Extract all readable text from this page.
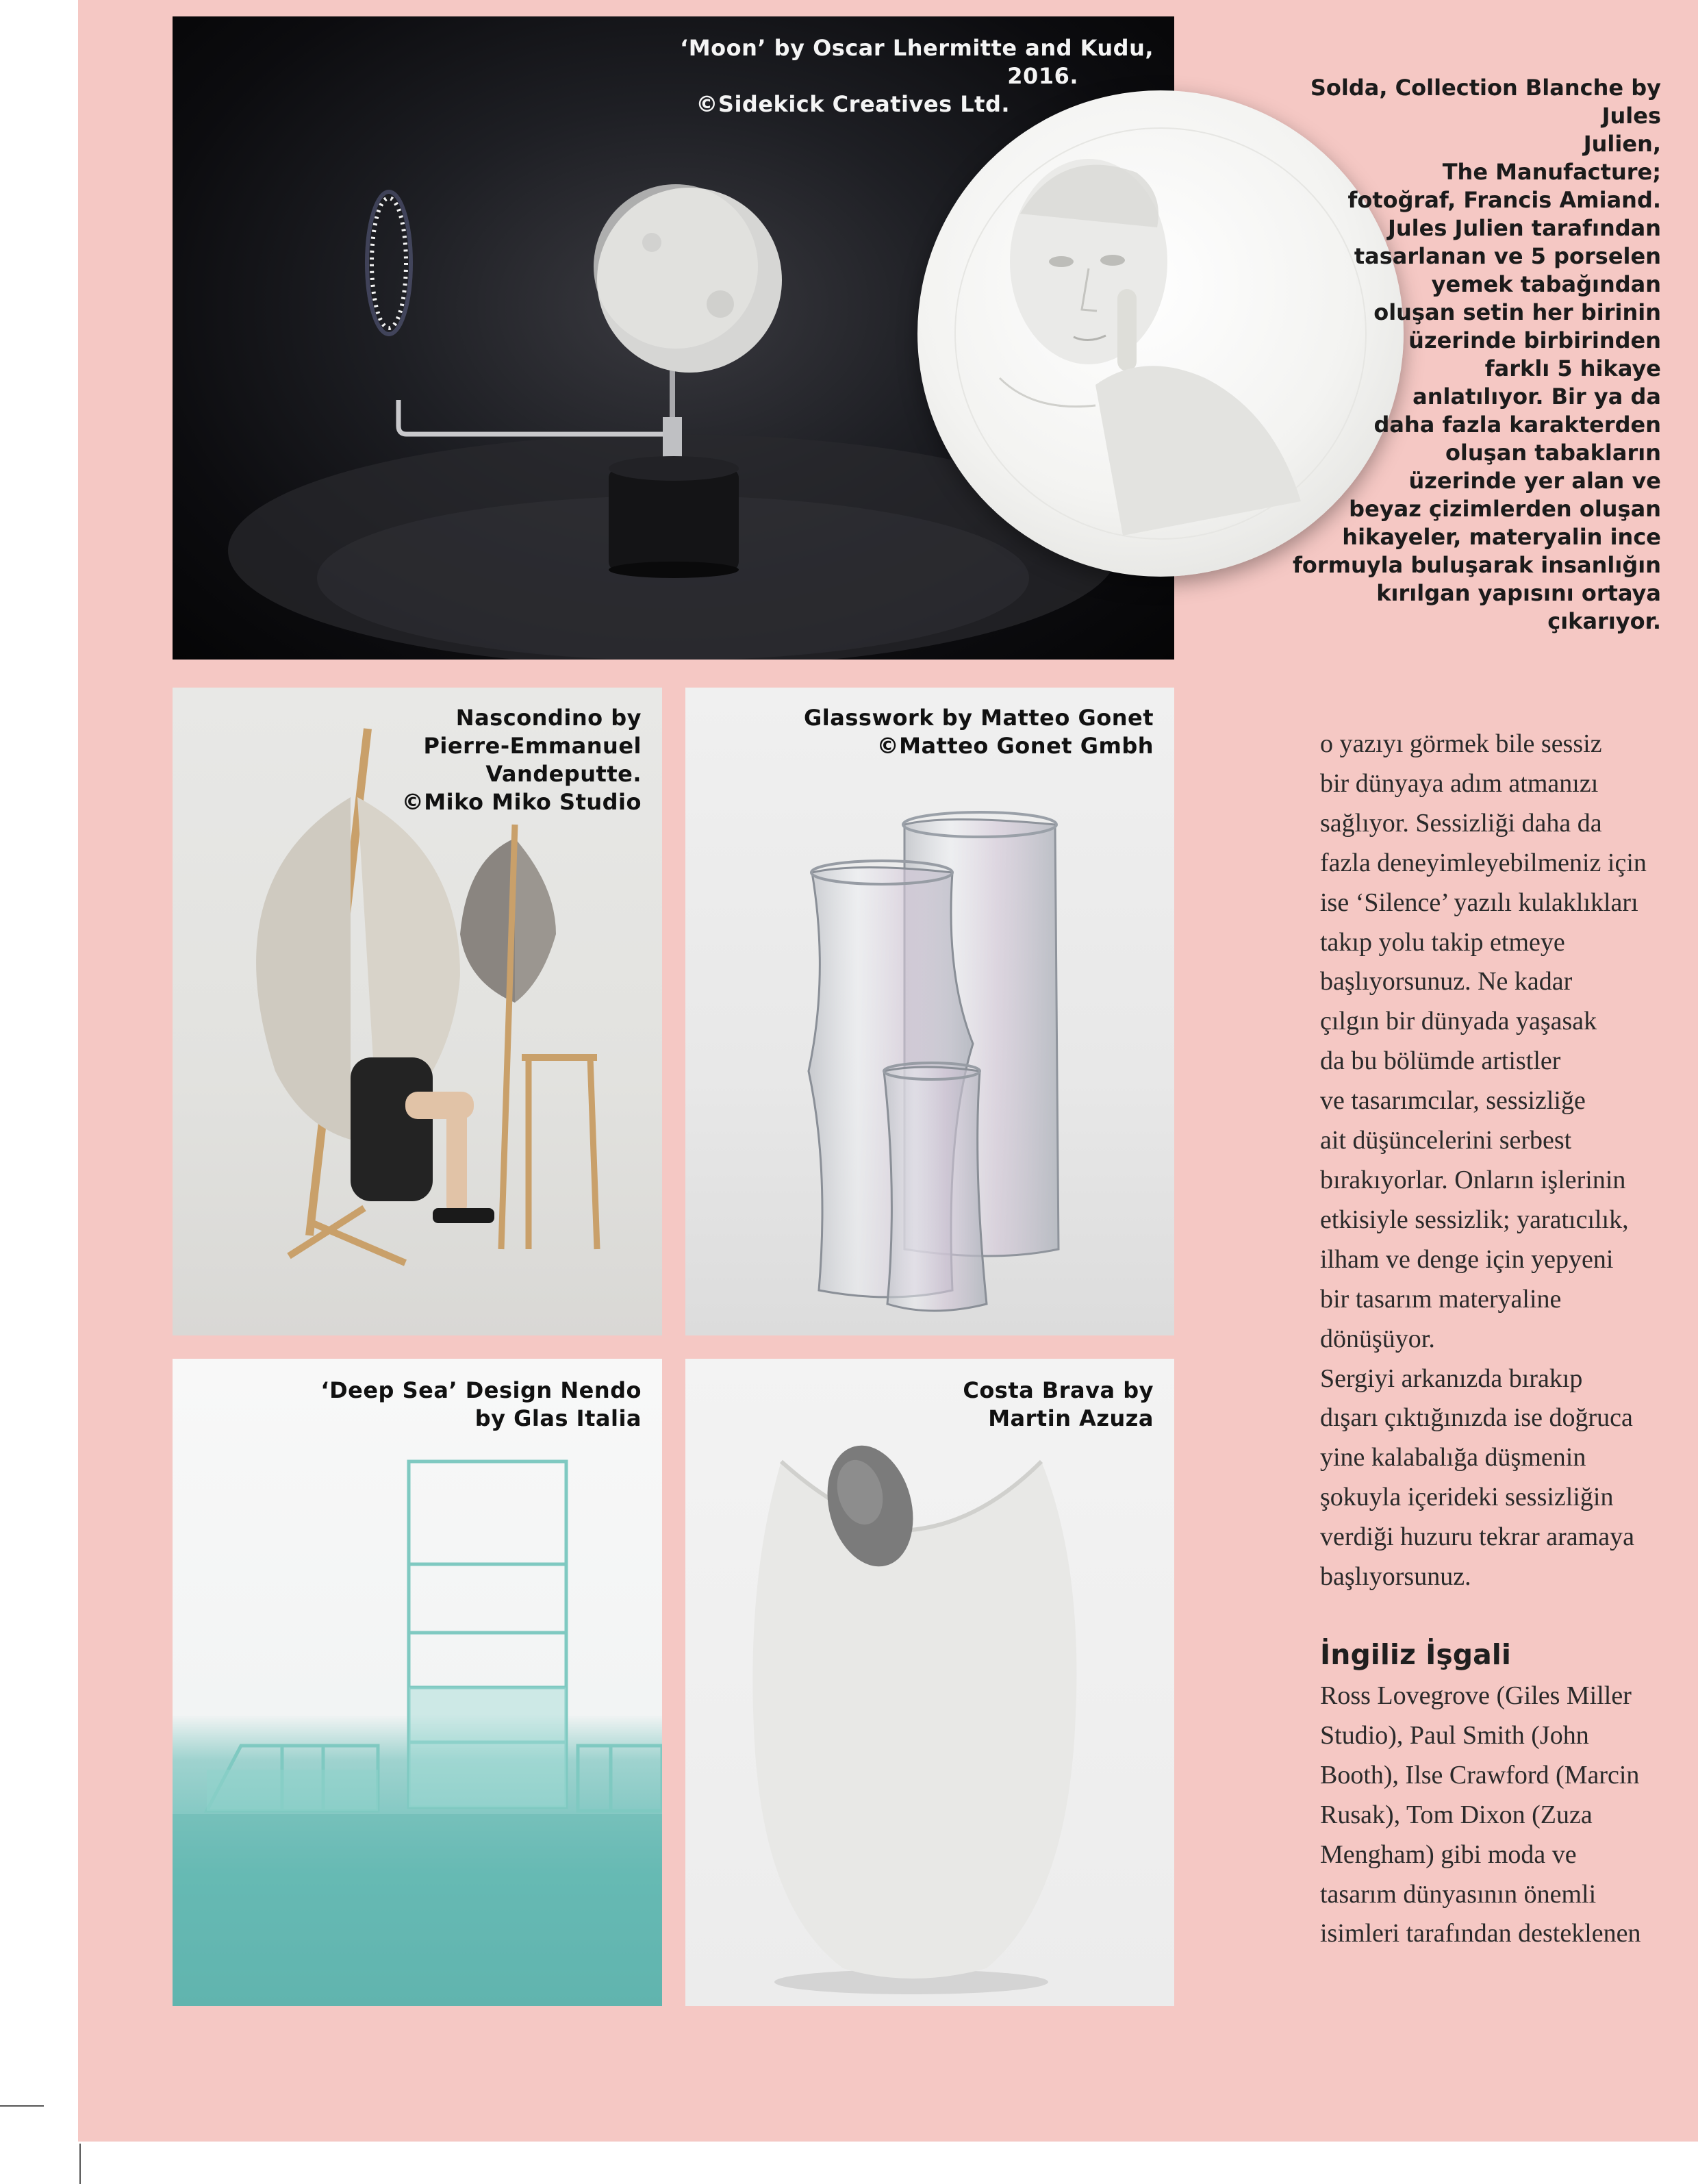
‘Moon’ by Oscar Lhermitte and Kudu,
2016.
©Sidekick Creatives Ltd.
Solda, Collection Blanche by Jules
Julien,
The Manufacture;
fotoğraf, Francis Amiand.
Jules Julien tarafından
tasarlanan ve 5 porselen
yemek tabağından
oluşan setin her birinin
üzerinde birbirinden
farklı 5 hikaye
anlatılıyor. Bir ya da
daha fazla karakterden
oluşan tabakların
üzerinde yer alan ve
beyaz çizimlerden oluşan
hikayeler, materyalin ince
formuyla buluşarak insanlığın
kırılgan yapısını ortaya
çıkarıyor.
Nascondino by
Pierre-Emmanuel
Vandeputte.
©Miko Miko Studio
Glasswork by Matteo Gonet
©Matteo Gonet Gmbh
‘Deep Sea’ Design Nendo
by Glas Italia
Costa Brava by
Martin Azuza
o yazıyı görmek bile sessiz
bir dünyaya adım atmanızı
sağlıyor. Sessizliği daha da
fazla deneyimleyebilmeniz için
ise ‘Silence’ yazılı kulaklıkları
takıp yolu takip etmeye
başlıyorsunuz. Ne kadar
çılgın bir dünyada yaşasak
da bu bölümde artistler
ve tasarımcılar, sessizliğe
ait düşüncelerini serbest
bırakıyorlar. Onların işlerinin
etkisiyle sessizlik; yaratıcılık,
ilham ve denge için yepyeni
bir tasarım materyaline
dönüşüyor.
Sergiyi arkanızda bırakıp
dışarı çıktığınızda ise doğruca
yine kalabalığa düşmenin
şokuyla içerideki sessizliğin
verdiği huzuru tekrar aramaya
başlıyorsunuz.
İngiliz İşgali
Ross Lovegrove (Giles Miller
Studio), Paul Smith (John
Booth), Ilse Crawford (Marcin
Rusak), Tom Dixon (Zuza
Mengham) gibi moda ve
tasarım dünyasının önemli
isimleri tarafından desteklenen
